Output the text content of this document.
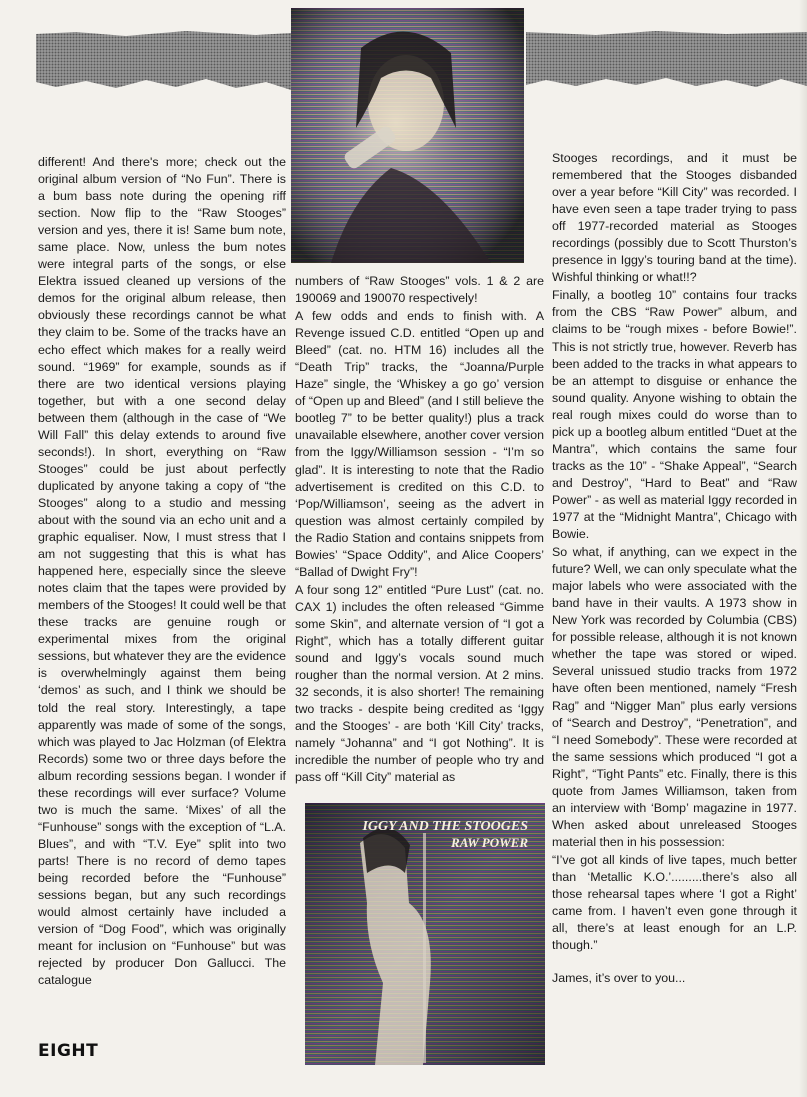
IGGY AND THE STOOGES
RAW POWER

different! And there's more; check out the original album version of “No Fun”. There is a bum bass note during the opening riff section. Now flip to the “Raw Stooges” version and yes, there it is! Same bum note, same place. Now, unless the bum notes were integral parts of the songs, or else Elektra issued cleaned up versions of the demos for the original album release, then obviously these recordings cannot be what they claim to be. Some of the tracks have an echo effect which makes for a really weird sound. “1969” for example, sounds as if there are two identical versions playing together, but with a one second delay between them (although in the case of “We Will Fall” this delay extends to around five seconds!). In short, everything on “Raw Stooges” could be just about perfectly duplicated by anyone taking a copy of “the Stooges” along to a studio and messing about with the sound via an echo unit and a graphic equaliser. Now, I must stress that I am not suggesting that this is what has happened here, especially since the sleeve notes claim that the tapes were provided by members of the Stooges! It could well be that these tracks are genuine rough or experimental mixes from the original sessions, but whatever they are the evidence is overwhelmingly against them being ‘demos’ as such, and I think we should be told the real story. Interestingly, a tape apparently was made of some of the songs, which was played to Jac Holzman (of Elektra Records) some two or three days before the album recording sessions began. I wonder if these recordings will ever surface? Volume two is much the same. ‘Mixes’ of all the “Funhouse” songs with the exception of “L.A. Blues”, and with “T.V. Eye” split into two parts! There is no record of demo tapes being recorded before the “Funhouse” sessions began, but any such recordings would almost certainly have included a version of “Dog Food”, which was originally meant for inclusion on “Funhouse” but was rejected by producer Don Gallucci. The catalogue

numbers of “Raw Stooges” vols. 1 & 2 are 190069 and 190070 respectively!

A few odds and ends to finish with. A Revenge issued C.D. entitled “Open up and Bleed” (cat. no. HTM 16) includes all the “Death Trip” tracks, the “Joanna/Purple Haze” single, the ‘Whiskey a go go’ version of “Open up and Bleed” (and I still believe the bootleg 7” to be better quality!) plus a track unavailable elsewhere, another cover version from the Iggy/Williamson session - “I’m so glad”. It is interesting to note that the Radio advertisement is credited on this C.D. to ‘Pop/Williamson’, seeing as the advert in question was almost certainly compiled by the Radio Station and contains snippets from Bowies’ “Space Oddity”, and Alice Coopers’ “Ballad of Dwight Fry”!

A four song 12” entitled “Pure Lust” (cat. no. CAX 1) includes the often released “Gimme some Skin”, and alternate version of “I got a Right”, which has a totally different guitar sound and Iggy’s vocals sound much rougher than the normal version. At 2 mins. 32 seconds, it is also shorter! The remaining two tracks - despite being credited as ‘Iggy and the Stooges’ - are both ‘Kill City’ tracks, namely “Johanna” and “I got Nothing”. It is incredible the number of people who try and pass off “Kill City” material as

Stooges recordings, and it must be remembered that the Stooges disbanded over a year before “Kill City” was recorded. I have even seen a tape trader trying to pass off 1977-recorded material as Stooges recordings (possibly due to Scott Thurston’s presence in Iggy’s touring band at the time). Wishful thinking or what!!?

Finally, a bootleg 10” contains four tracks from the CBS “Raw Power” album, and claims to be “rough mixes - before Bowie!”. This is not strictly true, however. Reverb has been added to the tracks in what appears to be an attempt to disguise or enhance the sound quality. Anyone wishing to obtain the real rough mixes could do worse than to pick up a bootleg album entitled “Duet at the Mantra”, which contains the same four tracks as the 10” - “Shake Appeal”, “Search and Destroy”, “Hard to Beat” and “Raw Power” - as well as material Iggy recorded in 1977 at the “Midnight Mantra”, Chicago with Bowie.

So what, if anything, can we expect in the future? Well, we can only speculate what the major labels who were associated with the band have in their vaults. A 1973 show in New York was recorded by Columbia (CBS) for possible release, although it is not known whether the tape was stored or wiped. Several unissued studio tracks from 1972 have often been mentioned, namely “Fresh Rag” and “Nigger Man” plus early versions of “Search and Destroy”, “Penetration”, and “I need Somebody”. These were recorded at the same sessions which produced “I got a Right”, “Tight Pants” etc. Finally, there is this quote from James Williamson, taken from an interview with ‘Bomp’ magazine in 1977. When asked about unreleased Stooges material then in his possession:

“I’ve got all kinds of live tapes, much better than ‘Metallic K.O.’.........there’s also all those rehearsal tapes where ‘I got a Right’ came from. I haven’t even gone through it all, there’s at least enough for an L.P. though.”

James, it’s over to you...

EIGHT
